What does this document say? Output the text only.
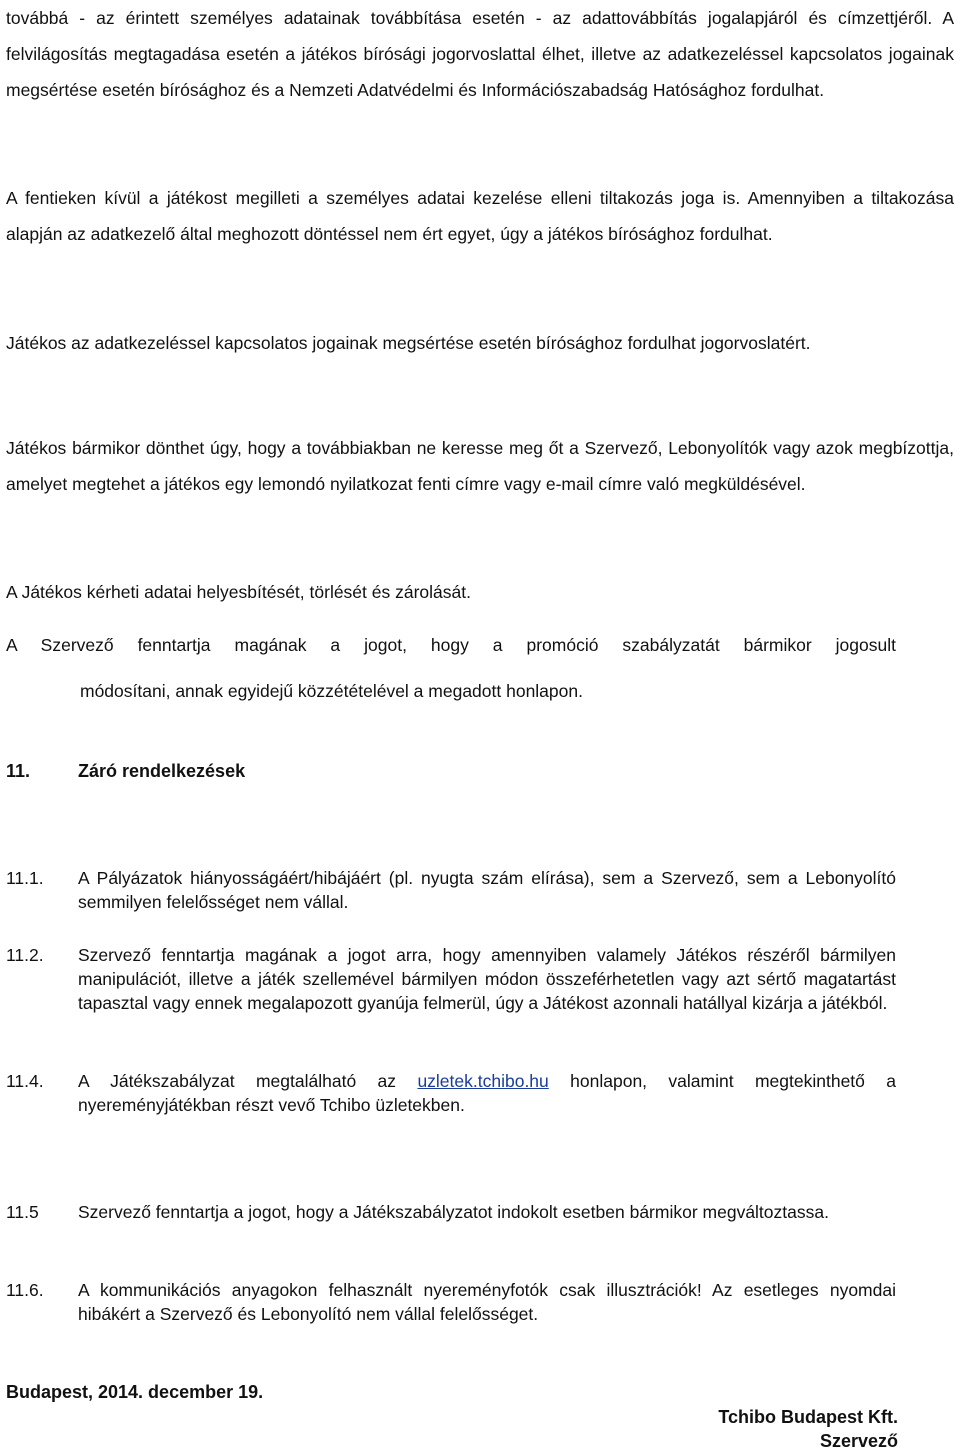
továbbá - az érintett személyes adatainak továbbítása esetén - az adattovábbítás jogalapjáról és címzettjéről. A felvilágosítás megtagadása esetén a játékos bírósági jogorvoslattal élhet, illetve az adatkezeléssel kapcsolatos jogainak megsértése esetén bírósághoz és a Nemzeti Adatvédelmi és Információszabadság Hatósághoz fordulhat.

A fentieken kívül a játékost megilleti a személyes adatai kezelése elleni tiltakozás joga is. Amennyiben a tiltakozása alapján az adatkezelő által meghozott döntéssel nem ért egyet, úgy a játékos bírósághoz fordulhat.

Játékos az adatkezeléssel kapcsolatos jogainak megsértése esetén bírósághoz fordulhat jogorvoslatért.

Játékos bármikor dönthet úgy, hogy a továbbiakban ne keresse meg őt a Szervező, Lebonyolítók vagy azok megbízottja, amelyet megtehet a játékos egy lemondó nyilatkozat fenti címre vagy e-mail címre való megküldésével.

A Játékos kérheti adatai helyesbítését, törlését és zárolását.

A Szervező fenntartja magának a jogot, hogy a promóció szabályzatát bármikor jogosult

módosítani, annak egyidejű közzétételével a megadott honlapon.

11.	Záró rendelkezések

11.1.	A Pályázatok hiányosságáért/hibájáért (pl. nyugta szám elírása), sem a Szervező, sem a Lebonyolító semmilyen felelősséget nem vállal.
11.2.	Szervező fenntartja magának a jogot arra, hogy amennyiben valamely Játékos részéről bármilyen manipulációt, illetve a játék szellemével bármilyen módon összeférhetetlen vagy azt sértő magatartást tapasztal vagy ennek megalapozott gyanúja felmerül, úgy a Játékost azonnali hatállyal kizárja a játékból.
11.4.	A Játékszabályzat megtalálható az uzletek.tchibo.hu honlapon, valamint megtekinthető a nyereményjátékban részt vevő Tchibo üzletekben.
11.5	Szervező fenntartja a jogot, hogy a Játékszabályzatot indokolt esetben bármikor megváltoztassa.
11.6.	A kommunikációs anyagokon felhasznált nyereményfotók csak illusztrációk! Az esetleges nyomdai hibákért a Szervező és Lebonyolító nem vállal felelősséget.

Budapest, 2014. december 19.

Tchibo Budapest Kft.

Szervező
